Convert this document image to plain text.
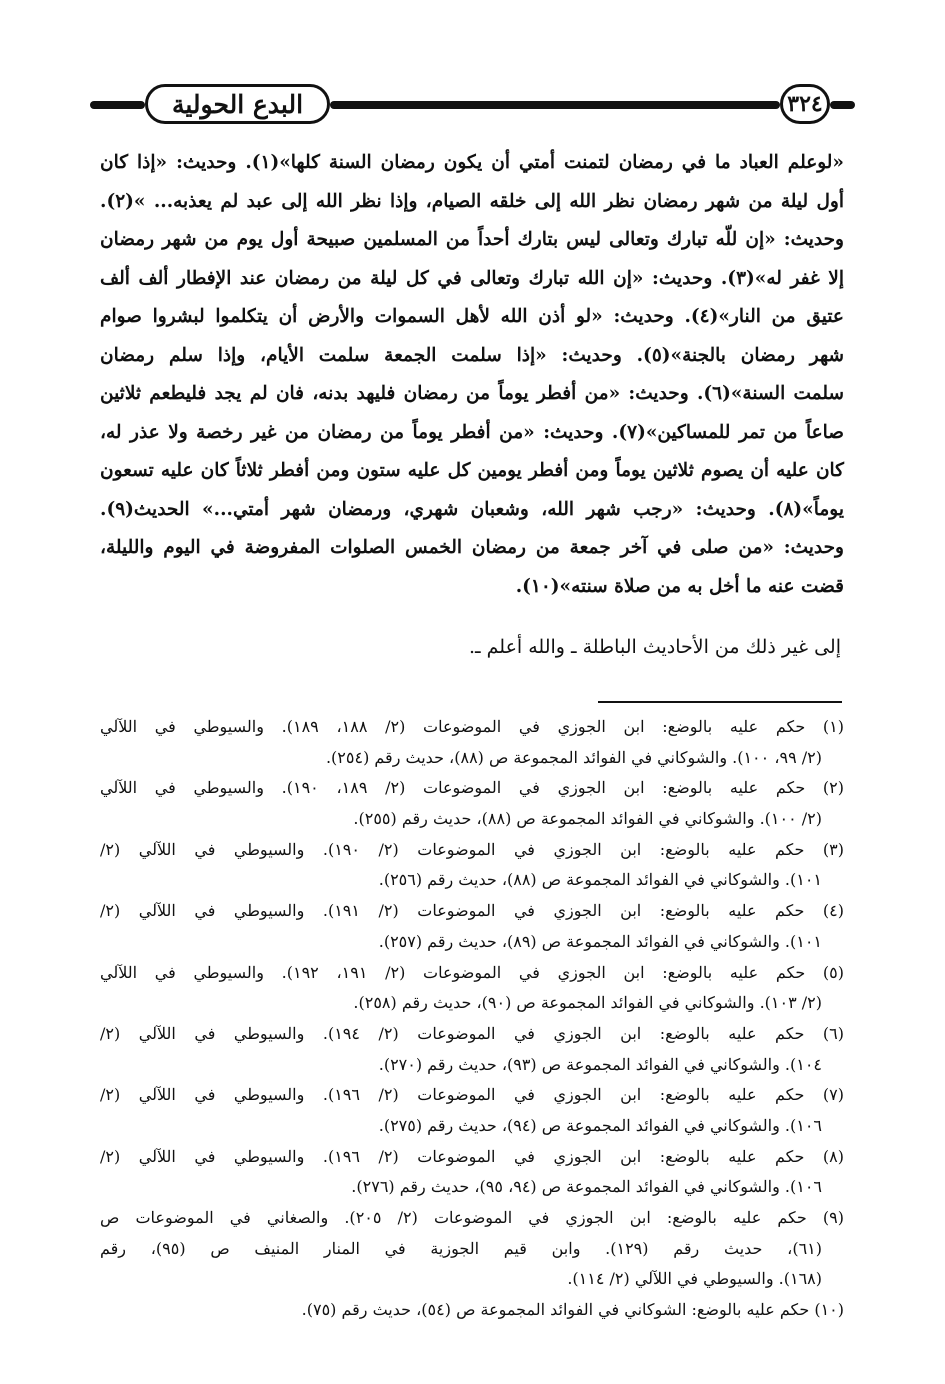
البدع الحولية	٣٢٤
«لوعلم العباد ما في رمضان لتمنت أمتي أن يكون رمضان السنة كلها»(١). وحديث: «إذا كان
أول ليلة من شهر رمضان نظر الله إلى خلقه الصيام، وإذا نظر الله إلى عبد لم يعذبه... »(٢).
وحديث: «إن للّه تبارك وتعالى ليس بتارك أحداً من المسلمين صبيحة أول يوم من شهر رمضان
إلا غفر له»(٣). وحديث: «إن الله تبارك وتعالى في كل ليلة من رمضان عند الإفطار ألف ألف
عتيق من النار»(٤). وحديث: «لو أذن الله لأهل السموات والأرض أن يتكلموا لبشروا صوام
شهر رمضان بالجنة»(٥). وحديث: «إذا سلمت الجمعة سلمت الأيام، وإذا سلم رمضان
سلمت السنة»(٦). وحديث: «من أفطر يوماً من رمضان فليهد بدنه، فان لم يجد فليطعم ثلاثين
صاعاً من تمر للمساكين»(٧). وحديث: «من أفطر يوماً من رمضان من غير رخصة ولا عذر له،
كان عليه أن يصوم ثلاثين يوماً ومن أفطر يومين كل عليه ستون ومن أفطر ثلاثاً كان عليه تسعون
يوماً»(٨). وحديث: «رجب شهر الله، وشعبان شهري، ورمضان شهر أمتي...» الحديث(٩).
وحديث: «من صلى في آخر جمعة من رمضان الخمس الصلوات المفروضة في اليوم والليلة،
قضت عنه ما أخل به من صلاة سنته»(١٠).
إلى غير ذلك من الأحاديث الباطلة ـ والله أعلم ـ.
(١) حكم عليه بالوضع: ابن الجوزي في الموضوعات (٢/ ١٨٨، ١٨٩). والسيوطي في اللآلي
(٢/ ٩٩، ١٠٠). والشوكاني في الفوائد المجموعة ص (٨٨)، حديث رقم (٢٥٤).
(٢) حكم عليه بالوضع: ابن الجوزي في الموضوعات (٢/ ١٨٩، ١٩٠). والسيوطي في اللآلي
(٢/ ١٠٠). والشوكاني في الفوائد المجموعة ص (٨٨)، حديث رقم (٢٥٥).
(٣) حكم عليه بالوضع: ابن الجوزي في الموضوعات (٢/ ١٩٠). والسيوطي في اللآلي (٢/
١٠١). والشوكاني في الفوائد المجموعة ص (٨٨)، حديث رقم (٢٥٦).
(٤) حكم عليه بالوضع: ابن الجوزي في الموضوعات (٢/ ١٩١). والسيوطي في اللآلي (٢/
١٠١). والشوكاني في الفوائد المجموعة ص (٨٩)، حديث رقم (٢٥٧).
(٥) حكم عليه بالوضع: ابن الجوزي في الموضوعات (٢/ ١٩١، ١٩٢). والسيوطي في اللآلي
(٢/ ١٠٣). والشوكاني في الفوائد المجموعة ص (٩٠)، حديث رقم (٢٥٨).
(٦) حكم عليه بالوضع: ابن الجوزي في الموضوعات (٢/ ١٩٤). والسيوطي في اللآلي (٢/
١٠٤). والشوكاني في الفوائد المجموعة ص (٩٣)، حديث رقم (٢٧٠).
(٧) حكم عليه بالوضع: ابن الجوزي في الموضوعات (٢/ ١٩٦). والسيوطي في اللآلي (٢/
١٠٦). والشوكاني في الفوائد المجموعة ص (٩٤)، حديث رقم (٢٧٥).
(٨) حكم عليه بالوضع: ابن الجوزي في الموضوعات (٢/ ١٩٦). والسيوطي في اللآلي (٢/
١٠٦). والشوكاني في الفوائد المجموعة ص (٩٤، ٩٥)، حديث رقم (٢٧٦).
(٩) حكم عليه بالوضع: ابن الجوزي في الموضوعات (٢/ ٢٠٥). والصغاني في الموضوعات ص
(٦١)، حديث رقم (١٢٩). وابن قيم الجوزية في المنار المنيف ص (٩٥)، رقم
(١٦٨). والسيوطي في اللآلي (٢/ ١١٤).
(١٠) حكم عليه بالوضع: الشوكاني في الفوائد المجموعة ص (٥٤)، حديث رقم (٧٥).
